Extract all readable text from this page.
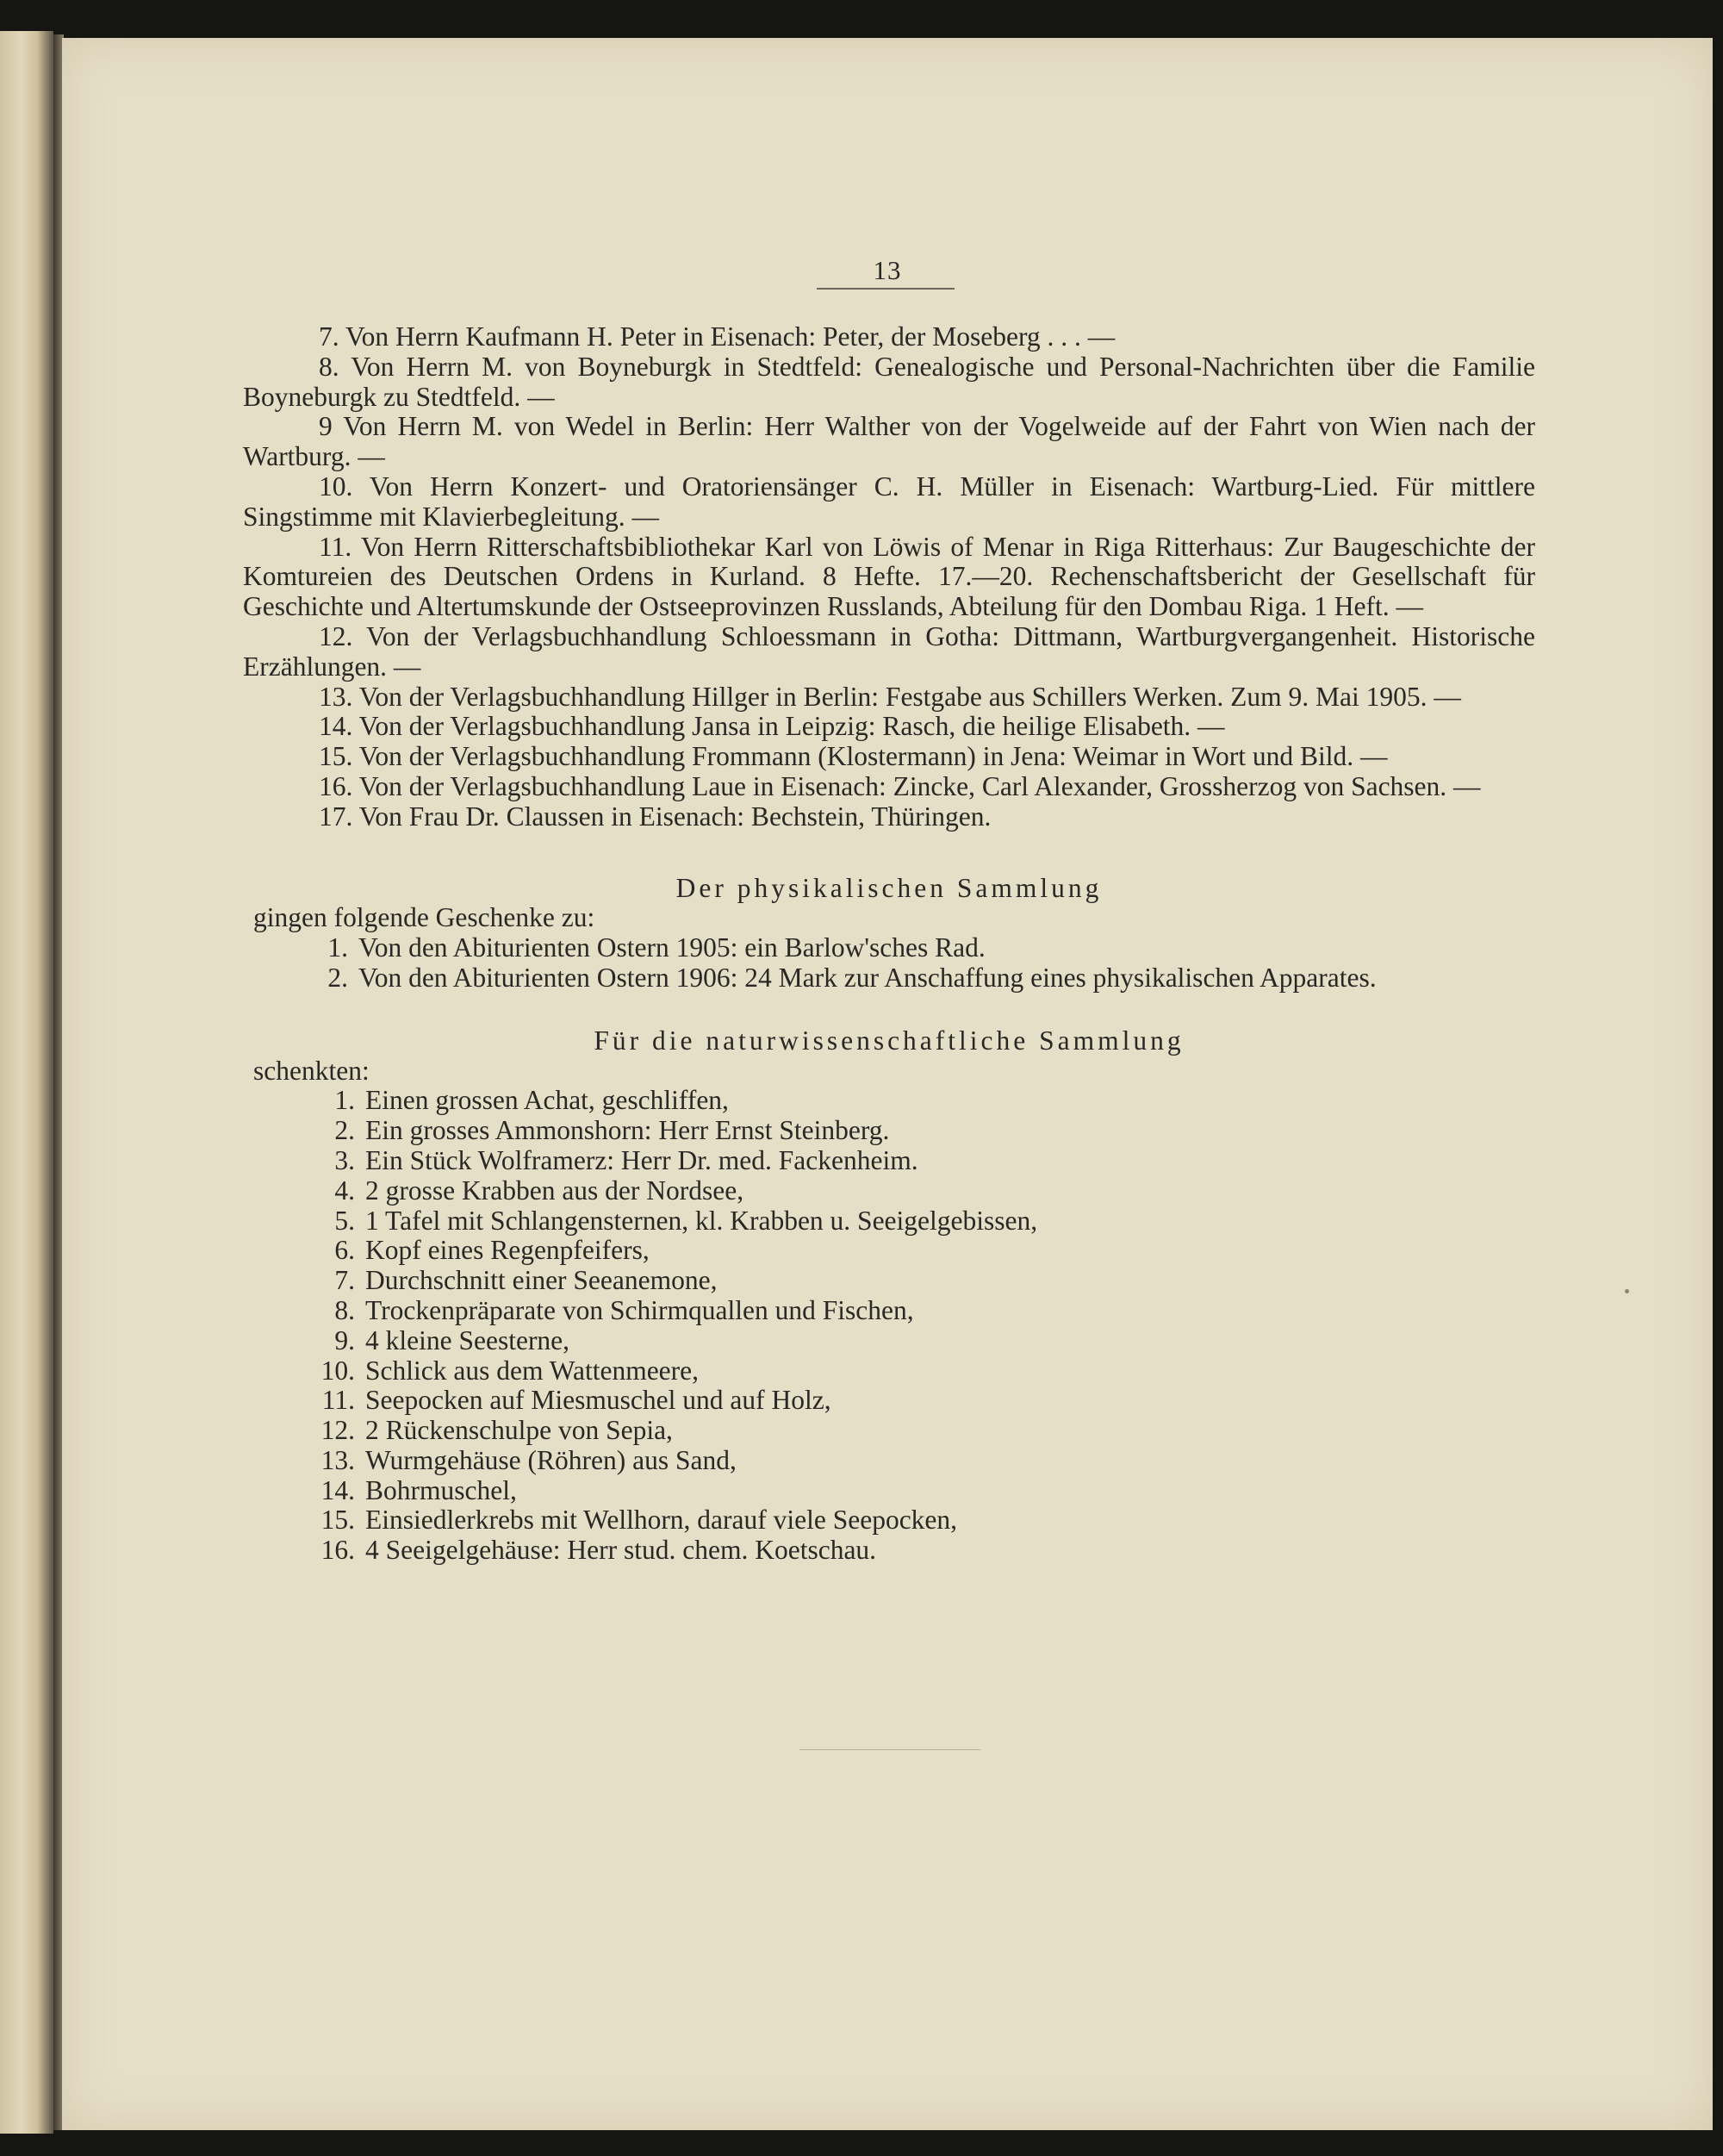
13

7. Von Herrn Kaufmann H. Peter in Eisenach: Peter, der Moseberg . . . —

8. Von Herrn M. von Boyneburgk in Stedtfeld: Genealogische und Personal-Nachrichten über die Familie Boyneburgk zu Stedtfeld. —

9 Von Herrn M. von Wedel in Berlin: Herr Walther von der Vogelweide auf der Fahrt von Wien nach der Wartburg. —

10. Von Herrn Konzert- und Oratoriensänger C. H. Müller in Eisenach: Wartburg-Lied. Für mittlere Singstimme mit Klavierbegleitung. —

11. Von Herrn Ritterschaftsbibliothekar Karl von Löwis of Menar in Riga Ritterhaus: Zur Baugeschichte der Komtureien des Deutschen Ordens in Kurland. 8 Hefte. 17.—20. Rechenschaftsbericht der Gesellschaft für Geschichte und Altertumskunde der Ostseeprovinzen Russlands, Abteilung für den Dombau Riga. 1 Heft. —

12. Von der Verlagsbuchhandlung Schloessmann in Gotha: Dittmann, Wartburgvergangenheit. Historische Erzählungen. —

13. Von der Verlagsbuchhandlung Hillger in Berlin: Festgabe aus Schillers Werken. Zum 9. Mai 1905. —

14. Von der Verlagsbuchhandlung Jansa in Leipzig: Rasch, die heilige Elisabeth. —

15. Von der Verlagsbuchhandlung Frommann (Klostermann) in Jena: Weimar in Wort und Bild. —

16. Von der Verlagsbuchhandlung Laue in Eisenach: Zincke, Carl Alexander, Grossherzog von Sachsen. —

17. Von Frau Dr. Claussen in Eisenach: Bechstein, Thüringen.

Der physikalischen Sammlung

gingen folgende Geschenke zu:

1. Von den Abiturienten Ostern 1905: ein Barlow'sches Rad.

2. Von den Abiturienten Ostern 1906: 24 Mark zur Anschaffung eines physikalischen Apparates.

Für die naturwissenschaftliche Sammlung

schenkten:

1. Einen grossen Achat, geschliffen,

2. Ein grosses Ammonshorn: Herr Ernst Steinberg.

3. Ein Stück Wolframerz: Herr Dr. med. Fackenheim.

4. 2 grosse Krabben aus der Nordsee,

5. 1 Tafel mit Schlangensternen, kl. Krabben u. Seeigelgebissen,

6. Kopf eines Regenpfeifers,

7. Durchschnitt einer Seeanemone,

8. Trockenpräparate von Schirmquallen und Fischen,

9. 4 kleine Seesterne,

10. Schlick aus dem Wattenmeere,

11. Seepocken auf Miesmuschel und auf Holz,

12. 2 Rückenschulpe von Sepia,

13. Wurmgehäuse (Röhren) aus Sand,

14. Bohrmuschel,

15. Einsiedlerkrebs mit Wellhorn, darauf viele Seepocken,

16. 4 Seeigelgehäuse: Herr stud. chem. Koetschau.
